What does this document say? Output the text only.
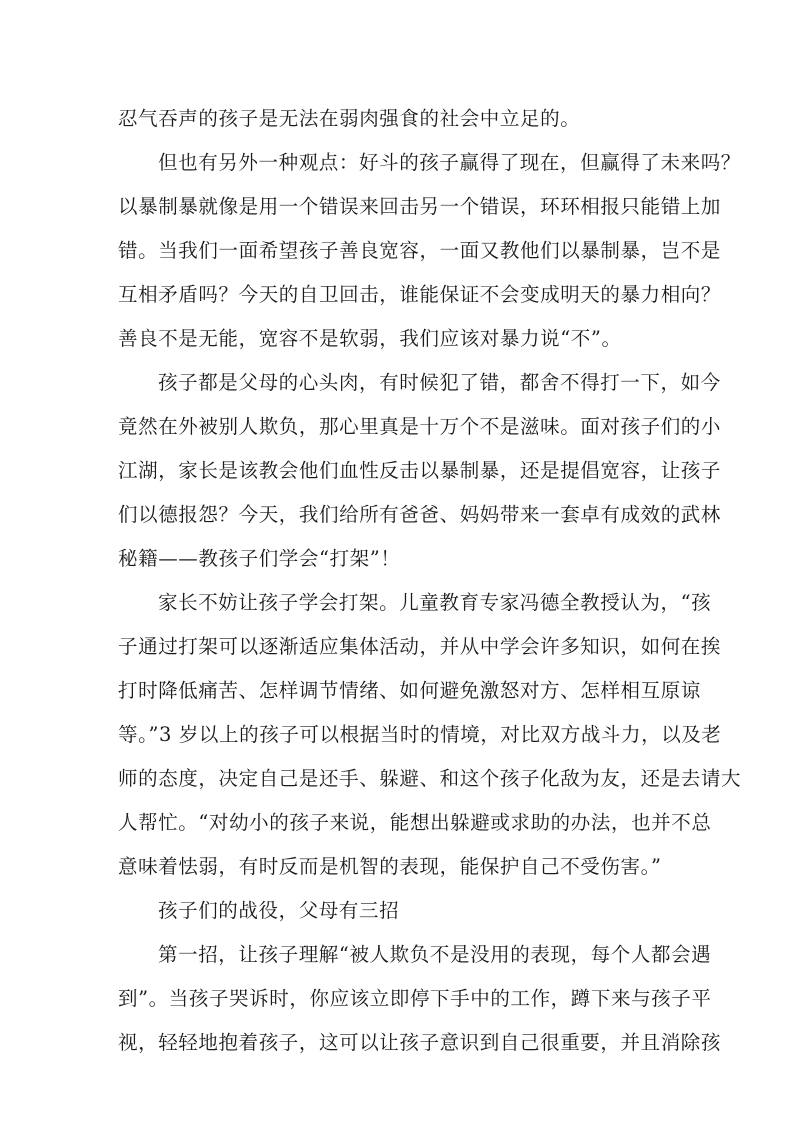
忍气吞声的孩子是无法在弱肉强食的社会中立足的。
但也有另外一种观点：好斗的孩子赢得了现在，但赢得了未来吗？
以暴制暴就像是用一个错误来回击另一个错误，环环相报只能错上加
错。当我们一面希望孩子善良宽容，一面又教他们以暴制暴，岂不是
互相矛盾吗？今天的自卫回击，谁能保证不会变成明天的暴力相向？
善良不是无能，宽容不是软弱，我们应该对暴力说“不”。
孩子都是父母的心头肉，有时候犯了错，都舍不得打一下，如今
竟然在外被别人欺负，那心里真是十万个不是滋味。面对孩子们的小
江湖，家长是该教会他们血性反击以暴制暴，还是提倡宽容，让孩子
们以德报怨？今天，我们给所有爸爸、妈妈带来一套卓有成效的武林
秘籍——教孩子们学会“打架”！
家长不妨让孩子学会打架。儿童教育专家冯德全教授认为，“孩
子通过打架可以逐渐适应集体活动，并从中学会许多知识，如何在挨
打时降低痛苦、怎样调节情绪、如何避免激怒对方、怎样相互原谅
等。”3 岁以上的孩子可以根据当时的情境，对比双方战斗力，以及老
师的态度，决定自己是还手、躲避、和这个孩子化敌为友，还是去请大
人帮忙。“对幼小的孩子来说，能想出躲避或求助的办法，也并不总
意味着怯弱，有时反而是机智的表现，能保护自己不受伤害。”
孩子们的战役，父母有三招
第一招，让孩子理解“被人欺负不是没用的表现，每个人都会遇
到”。当孩子哭诉时，你应该立即停下手中的工作，蹲下来与孩子平
视，轻轻地抱着孩子，这可以让孩子意识到自己很重要，并且消除孩
